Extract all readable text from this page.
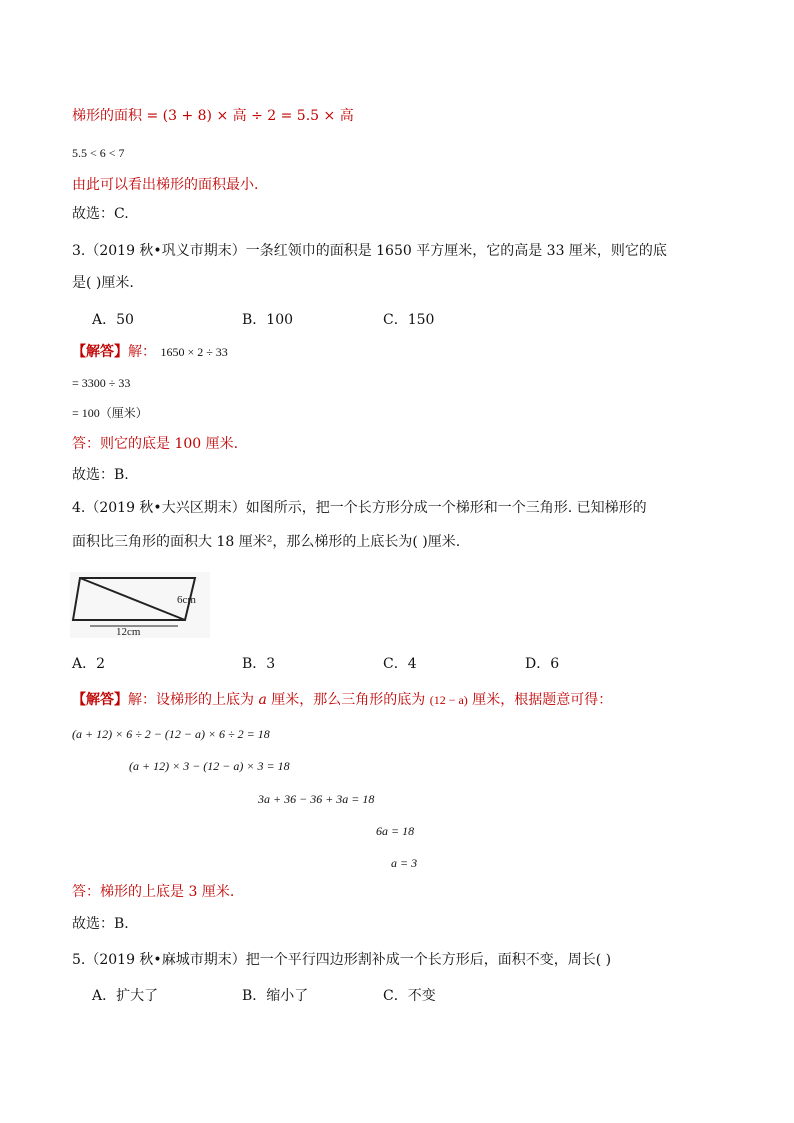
梯形的面积 = (3 + 8) × 高 ÷ 2 = 5.5 × 高
5.5 < 6 < 7
由此可以看出梯形的面积最小.
故选：C.
3.（2019 秋•巩义市期末）一条红领巾的面积是 1650 平方厘米，它的高是 33 厘米，则它的底
是( )厘米.
A．50	B．100	C．150
【解答】解： 1650 × 2 ÷ 33
= 3300 ÷ 33
= 100（厘米）
答：则它的底是 100 厘米.
故选：B.
4.（2019 秋•大兴区期末）如图所示，把一个长方形分成一个梯形和一个三角形. 已知梯形的
面积比三角形的面积大 18 厘米²，那么梯形的上底长为( )厘米.
6cm
12cm
A．2	B．3	C．4	D．6
【解答】解：设梯形的上底为 a 厘米，那么三角形的底为 (12 − a) 厘米，根据题意可得：
(a + 12) × 6 ÷ 2 − (12 − a) × 6 ÷ 2 = 18
(a + 12) × 3 − (12 − a) × 3 = 18
3a + 36 − 36 + 3a = 18
6a = 18
a = 3
答：梯形的上底是 3 厘米.
故选：B.
5.（2019 秋•麻城市期末）把一个平行四边形割补成一个长方形后，面积不变，周长( )
A．扩大了	B．缩小了	C．不变
